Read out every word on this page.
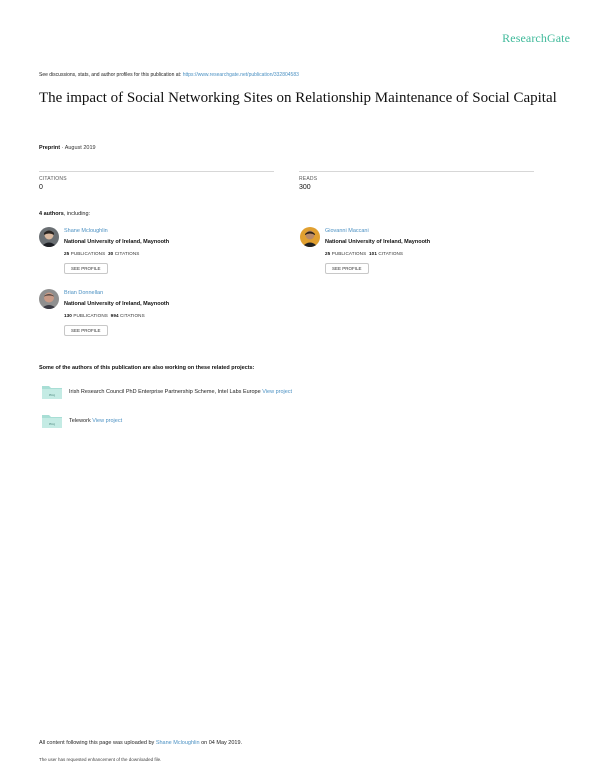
ResearchGate
See discussions, stats, and author profiles for this publication at: https://www.researchgate.net/publication/332804583
The impact of Social Networking Sites on Relationship Maintenance of Social Capital
Preprint · August 2019
CITATIONS
0
READS
300
4 authors, including:
Shane Mcloughlin
National University of Ireland, Maynooth
25 PUBLICATIONS 30 CITATIONS
SEE PROFILE
Giovanni Maccani
National University of Ireland, Maynooth
25 PUBLICATIONS 101 CITATIONS
SEE PROFILE
Brian Donnellan
National University of Ireland, Maynooth
130 PUBLICATIONS 994 CITATIONS
SEE PROFILE
Some of the authors of this publication are also working on these related projects:
Proj	Irish Research Council PhD Enterprise Partnership Scheme, Intel Labs Europe View project
Proj	Telework View project
All content following this page was uploaded by Shane Mcloughlin on 04 May 2019.
The user has requested enhancement of the downloaded file.
